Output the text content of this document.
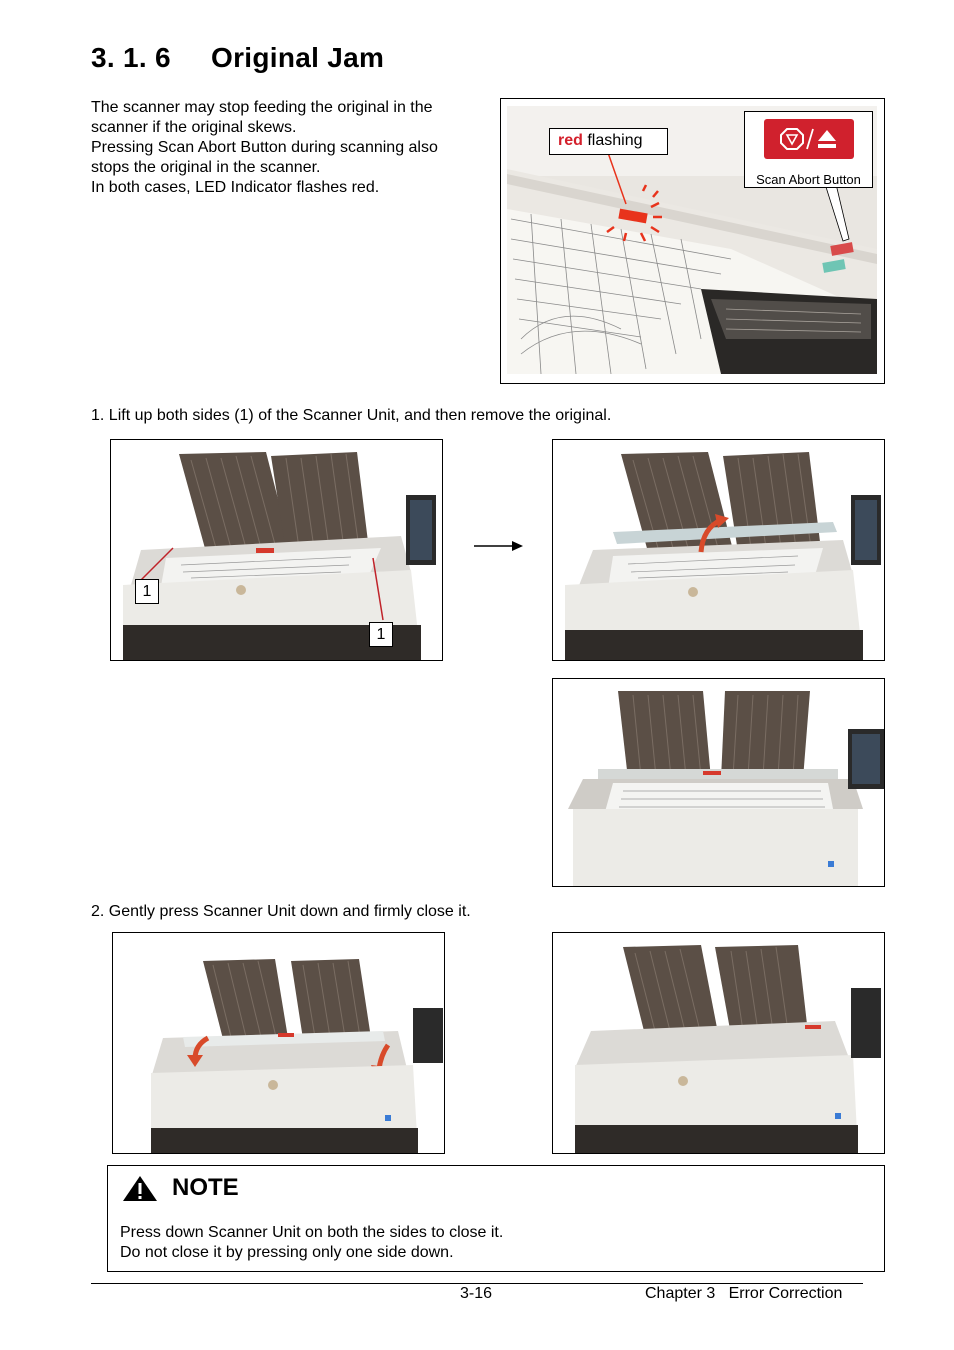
3. 1. 6 Original Jam
The scanner may stop feeding the original in the
scanner if the original skews.
Pressing Scan Abort Button during scanning also
stops the original in the scanner.
In both cases, LED Indicator flashes red.
red flashing
Scan Abort Button
1. Lift up both sides (1) of the Scanner Unit, and then remove the original.
1
1
2. Gently press Scanner Unit down and firmly close it.
NOTE
Press down Scanner Unit on both the sides to close it.
Do not close it by pressing only one side down.
3-16	Chapter 3   Error Correction
